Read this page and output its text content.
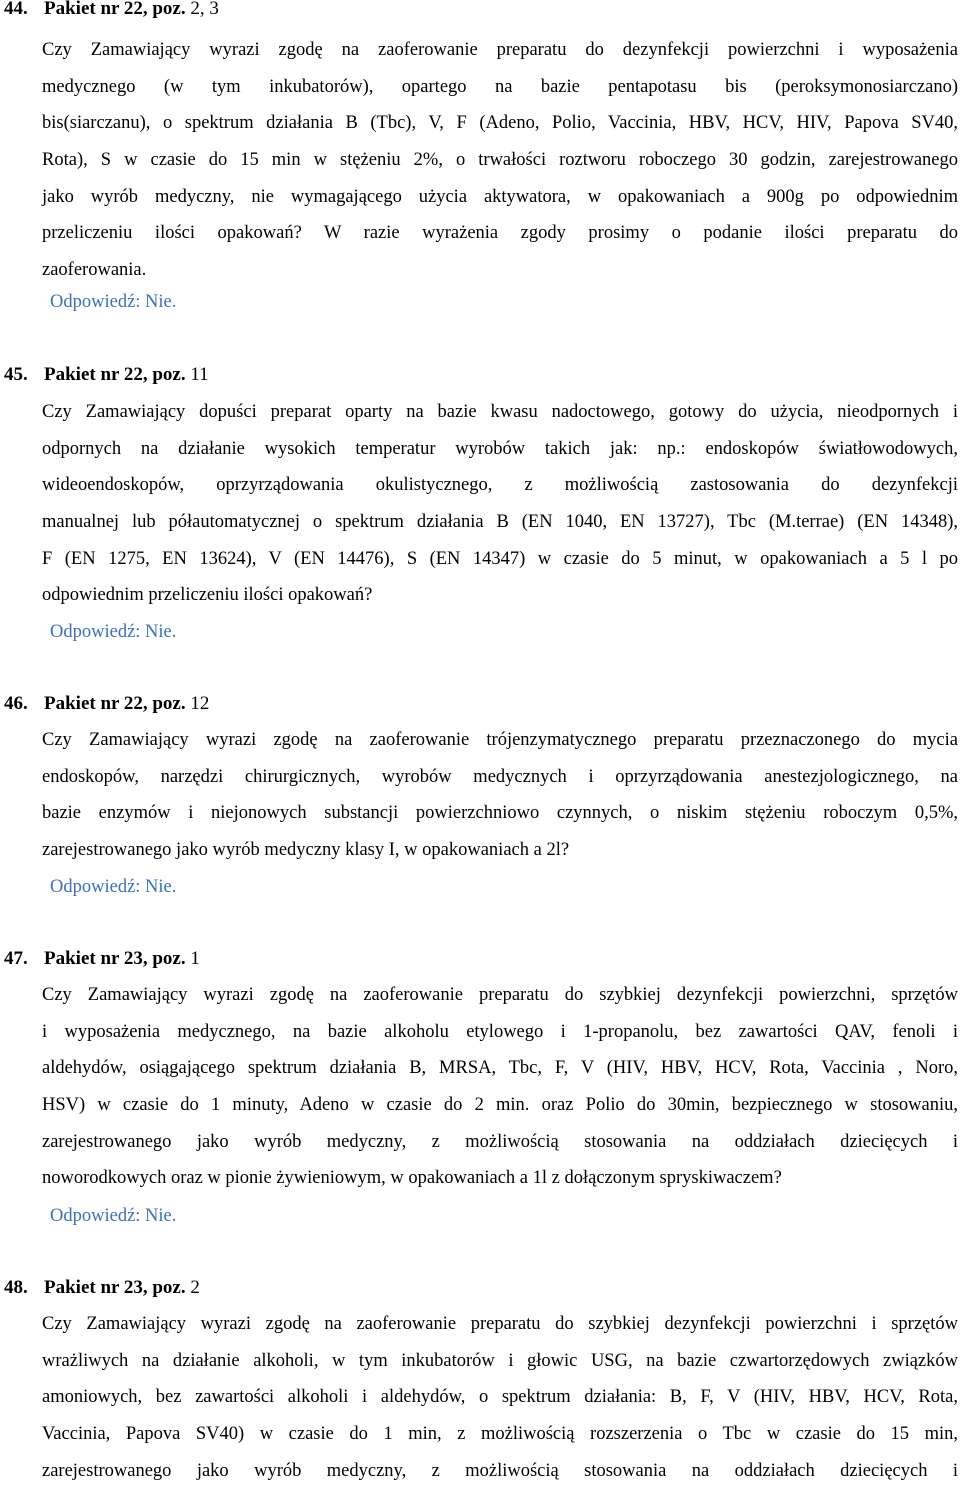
44. Pakiet nr 22, poz. 2, 3
Czy Zamawiający wyrazi zgodę na zaoferowanie preparatu do dezynfekcji powierzchni i wyposażenia
medycznego (w tym inkubatorów), opartego na bazie pentapotasu bis (peroksymonosiarczano)
bis(siarczanu), o spektrum działania B (Tbc), V, F (Adeno, Polio, Vaccinia, HBV, HCV, HIV, Papova SV40,
Rota), S w czasie do 15 min w stężeniu 2%, o trwałości roztworu roboczego 30 godzin, zarejestrowanego
jako wyrób medyczny, nie wymagającego użycia aktywatora, w opakowaniach a 900g po odpowiednim
przeliczeniu ilości opakowań? W razie wyrażenia zgody prosimy o podanie ilości preparatu do
zaoferowania.
Odpowiedź: Nie.
45. Pakiet nr 22, poz. 11
Czy Zamawiający dopuści preparat oparty na bazie kwasu nadoctowego, gotowy do użycia, nieodpornych i
odpornych na działanie wysokich temperatur wyrobów takich jak: np.: endoskopów światłowodowych,
wideoendoskopów, oprzyrządowania okulistycznego, z możliwością zastosowania do dezynfekcji
manualnej lub półautomatycznej o spektrum działania B (EN 1040, EN 13727), Tbc (M.terrae) (EN 14348),
F (EN 1275, EN 13624), V (EN 14476), S (EN 14347) w czasie do 5 minut, w opakowaniach a 5 l po
odpowiednim przeliczeniu ilości opakowań?
Odpowiedź: Nie.
46. Pakiet nr 22, poz. 12
Czy Zamawiający wyrazi zgodę na zaoferowanie trójenzymatycznego preparatu przeznaczonego do mycia
endoskopów, narzędzi chirurgicznych, wyrobów medycznych i oprzyrządowania anestezjologicznego, na
bazie enzymów i niejonowych substancji powierzchniowo czynnych, o niskim stężeniu roboczym 0,5%,
zarejestrowanego jako wyrób medyczny klasy I, w opakowaniach a 2l?
Odpowiedź: Nie.
47. Pakiet nr 23, poz. 1
Czy Zamawiający wyrazi zgodę na zaoferowanie preparatu do szybkiej dezynfekcji powierzchni, sprzętów
i wyposażenia medycznego, na bazie alkoholu etylowego i 1-propanolu, bez zawartości QAV, fenoli i
aldehydów, osiągającego spektrum działania B, MRSA, Tbc, F, V (HIV, HBV, HCV, Rota, Vaccinia , Noro,
HSV) w czasie do 1 minuty, Adeno w czasie do 2 min. oraz Polio do 30min, bezpiecznego w stosowaniu,
zarejestrowanego jako wyrób medyczny, z możliwością stosowania na oddziałach dziecięcych i
noworodkowych oraz w pionie żywieniowym, w opakowaniach a 1l z dołączonym spryskiwaczem?
Odpowiedź: Nie.
48. Pakiet nr 23, poz. 2
Czy Zamawiający wyrazi zgodę na zaoferowanie preparatu do szybkiej dezynfekcji powierzchni i sprzętów
wrażliwych na działanie alkoholi, w tym inkubatorów i głowic USG, na bazie czwartorzędowych związków
amoniowych, bez zawartości alkoholi i aldehydów, o spektrum działania: B, F, V (HIV, HBV, HCV, Rota,
Vaccinia, Papova SV40) w czasie do 1 min, z możliwością rozszerzenia o Tbc w czasie do 15 min,
zarejestrowanego jako wyrób medyczny, z możliwością stosowania na oddziałach dziecięcych i
